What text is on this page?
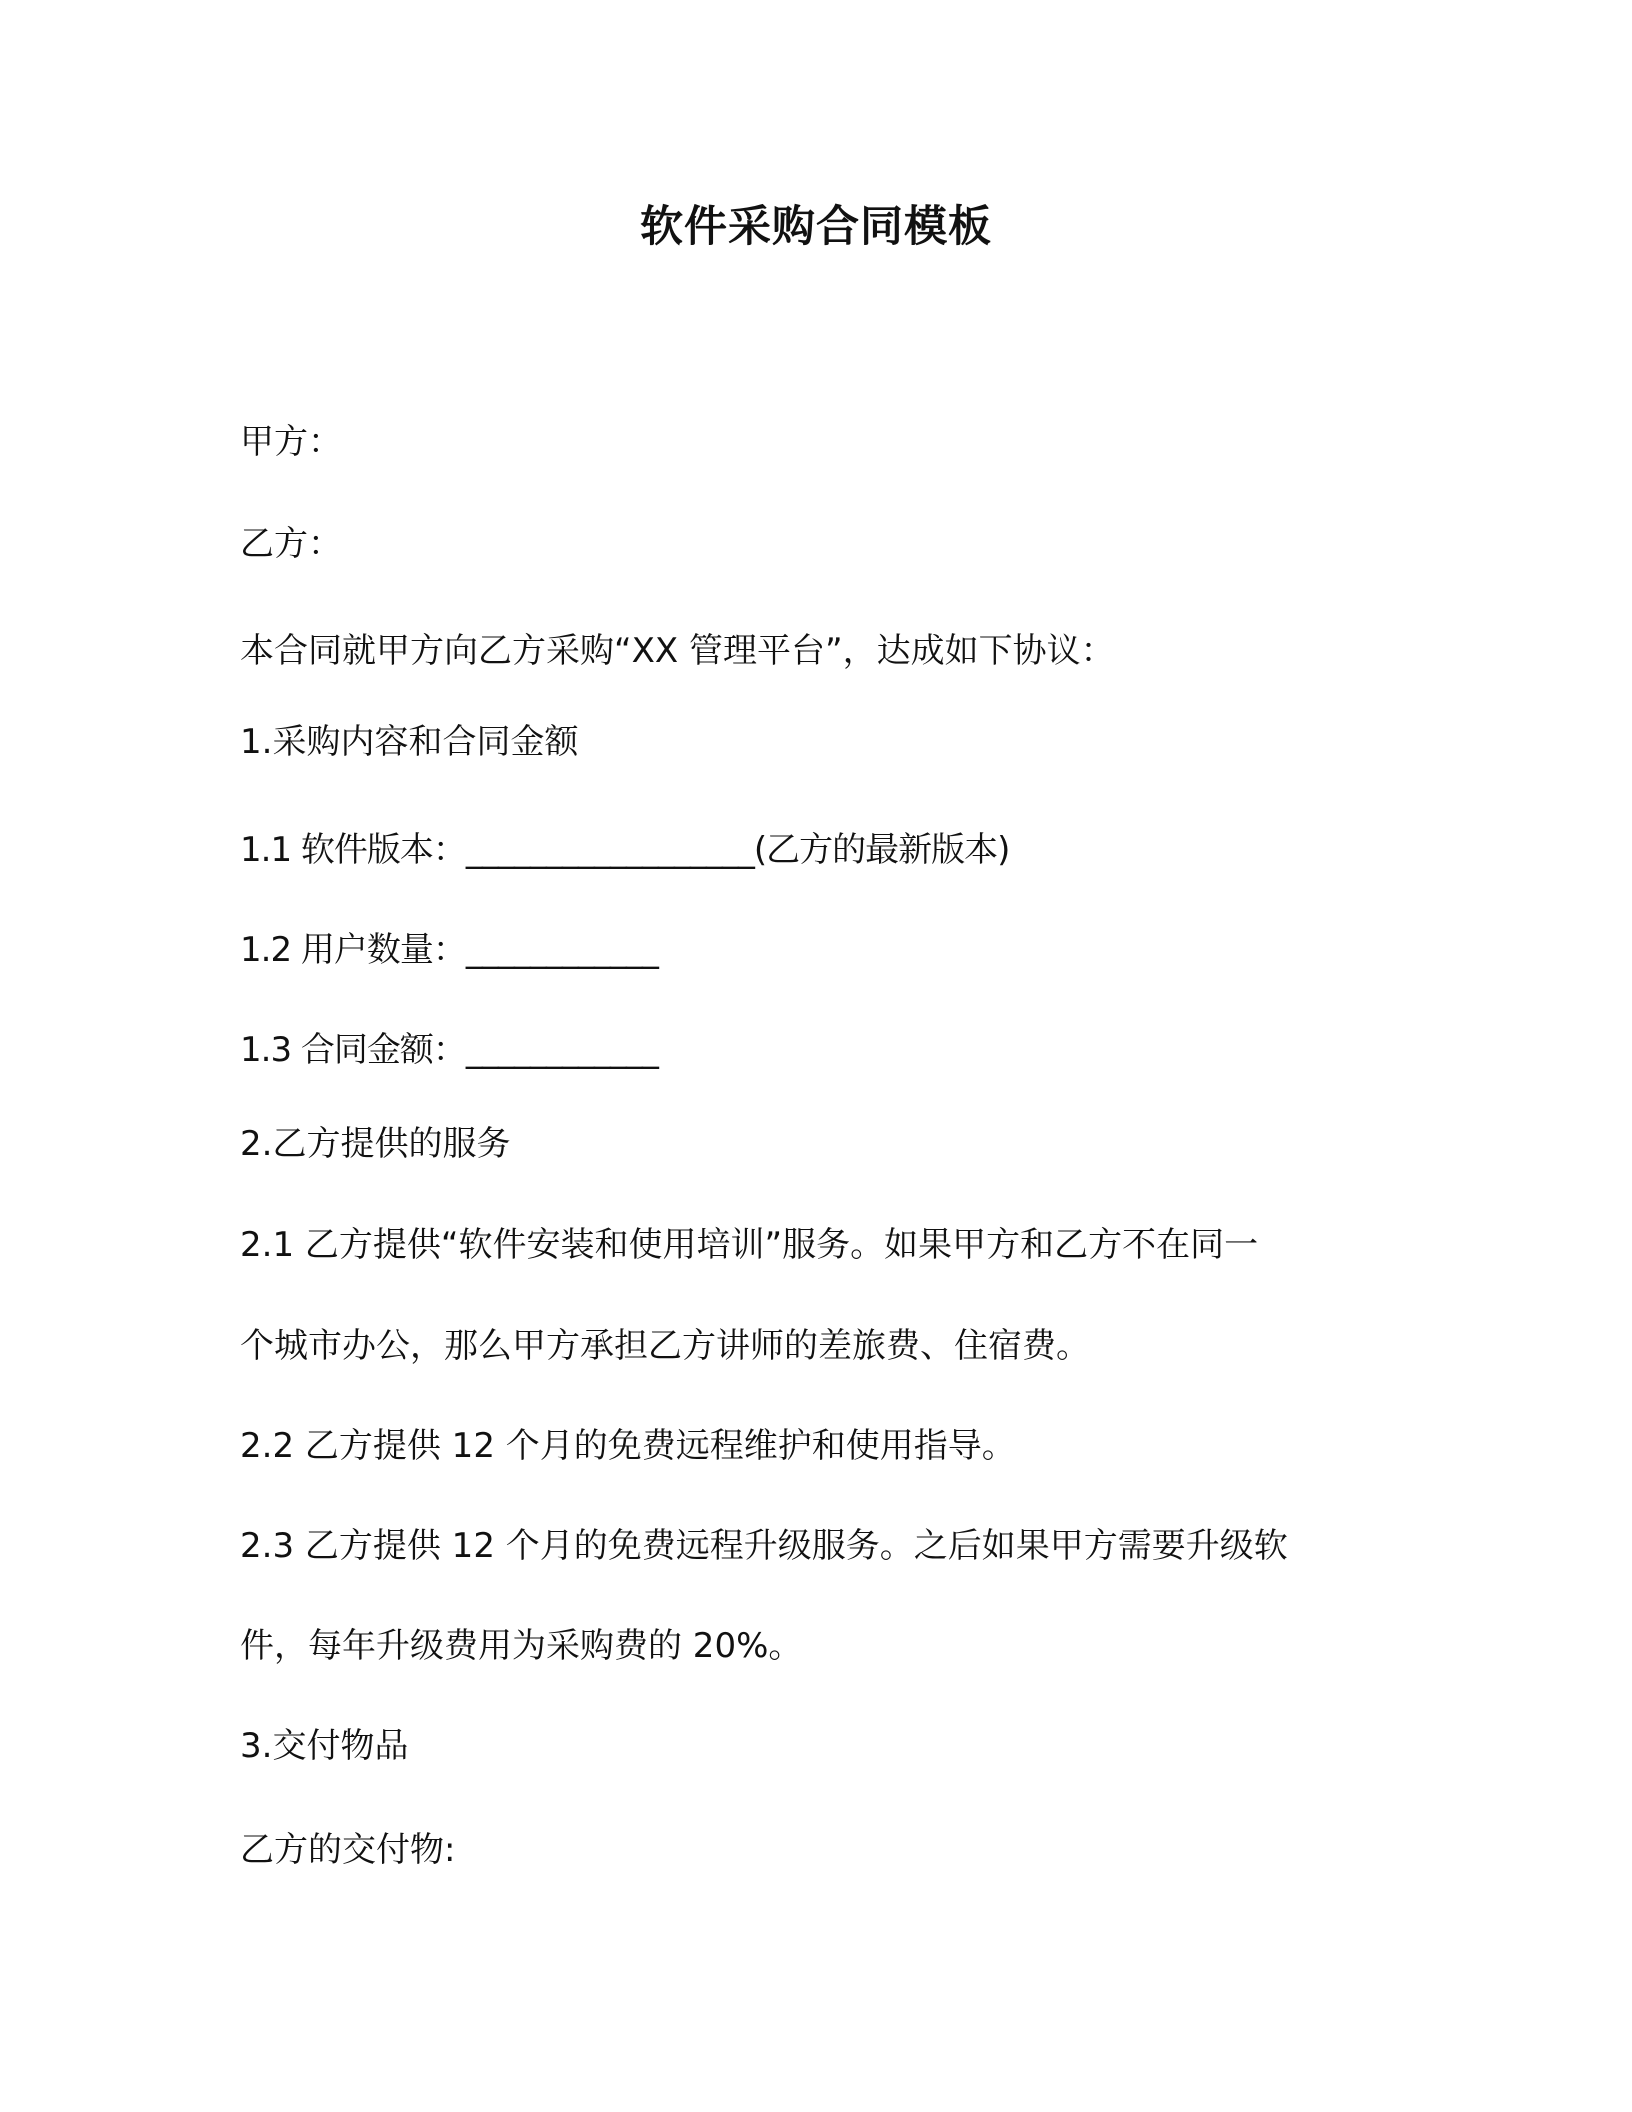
软件采购合同模板
甲方：
乙方：
本合同就甲方向乙方采购“XX 管理平台”，达成如下协议：
1.采购内容和合同金额
1.1 软件版本：__________________(乙方的最新版本)
1.2 用户数量：____________
1.3 合同金额：____________
2.乙方提供的服务
2.1 乙方提供“软件安装和使用培训”服务。如果甲方和乙方不在同一
个城市办公，那么甲方承担乙方讲师的差旅费、住宿费。
2.2 乙方提供 12 个月的免费远程维护和使用指导。
2.3 乙方提供 12 个月的免费远程升级服务。之后如果甲方需要升级软
件，每年升级费用为采购费的 20%。
3.交付物品
乙方的交付物:
